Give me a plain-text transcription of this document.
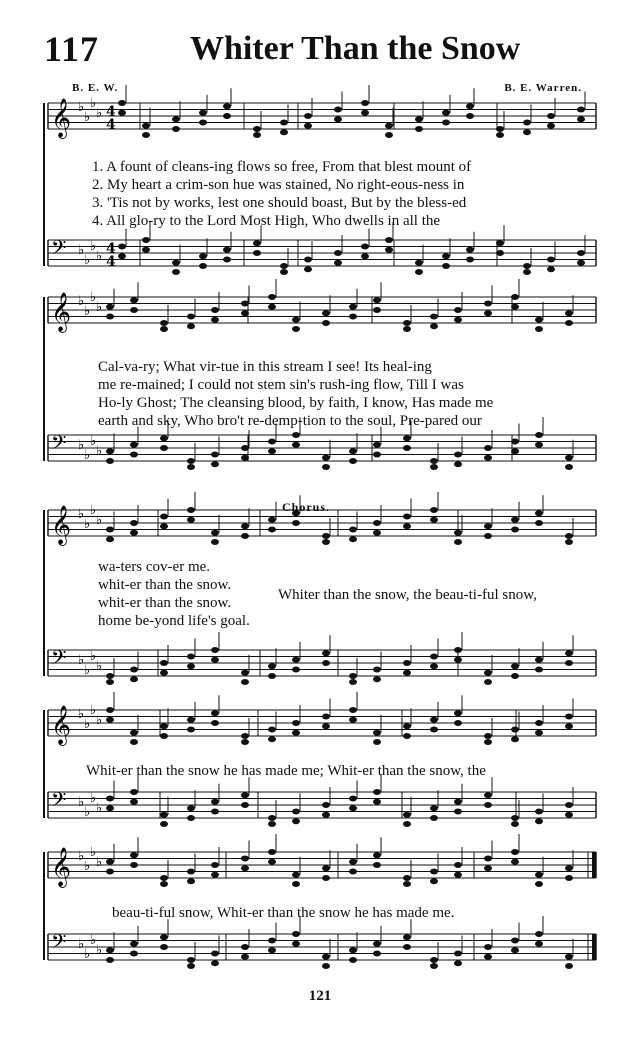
117	Whiter Than the Snow
B. E. W.	B. E. Warren.
𝄞 ♭
♭
♭
♭
𝄢 ♭
♭
♭
♭
4
4
4
4
𝄞 ♭
♭
♭
♭
𝄢 ♭
♭
♭
♭
𝄞 ♭
♭
♭
♭
𝄢 ♭
♭
♭
♭
𝄞 ♭
♭
♭
♭
𝄢 ♭
♭
♭
♭
𝄞 ♭
♭
♭
♭
𝄢 ♭
♭
♭
♭
1. A fount of cleans-ing flows so free, From that blest mount of
2. My heart a crim-son hue was stained, No right-eous-ness in
3. 'Tis not by works, lest one should boast, But by the bless-ed
4. All glo-ry to the Lord Most High, Who dwells in all the
Cal-va-ry; What vir-tue in this stream I see! Its heal-ing
me re-mained; I could not stem sin's rush-ing flow, Till I was
Ho-ly Ghost; The cleansing blood, by faith, I know, Has made me
earth and sky, Who bro't re-demp-tion to the soul, Pre-pared our
Chorus.
wa-ters cov-er me.
whit-er than the snow.
whit-er than the snow.
home be-yond life's goal.
Whiter than the snow, the beau-ti-ful snow,
Whit-er than the snow he has made me; Whit-er than the snow, the
beau-ti-ful snow, Whit-er than the snow he has made me.
121
